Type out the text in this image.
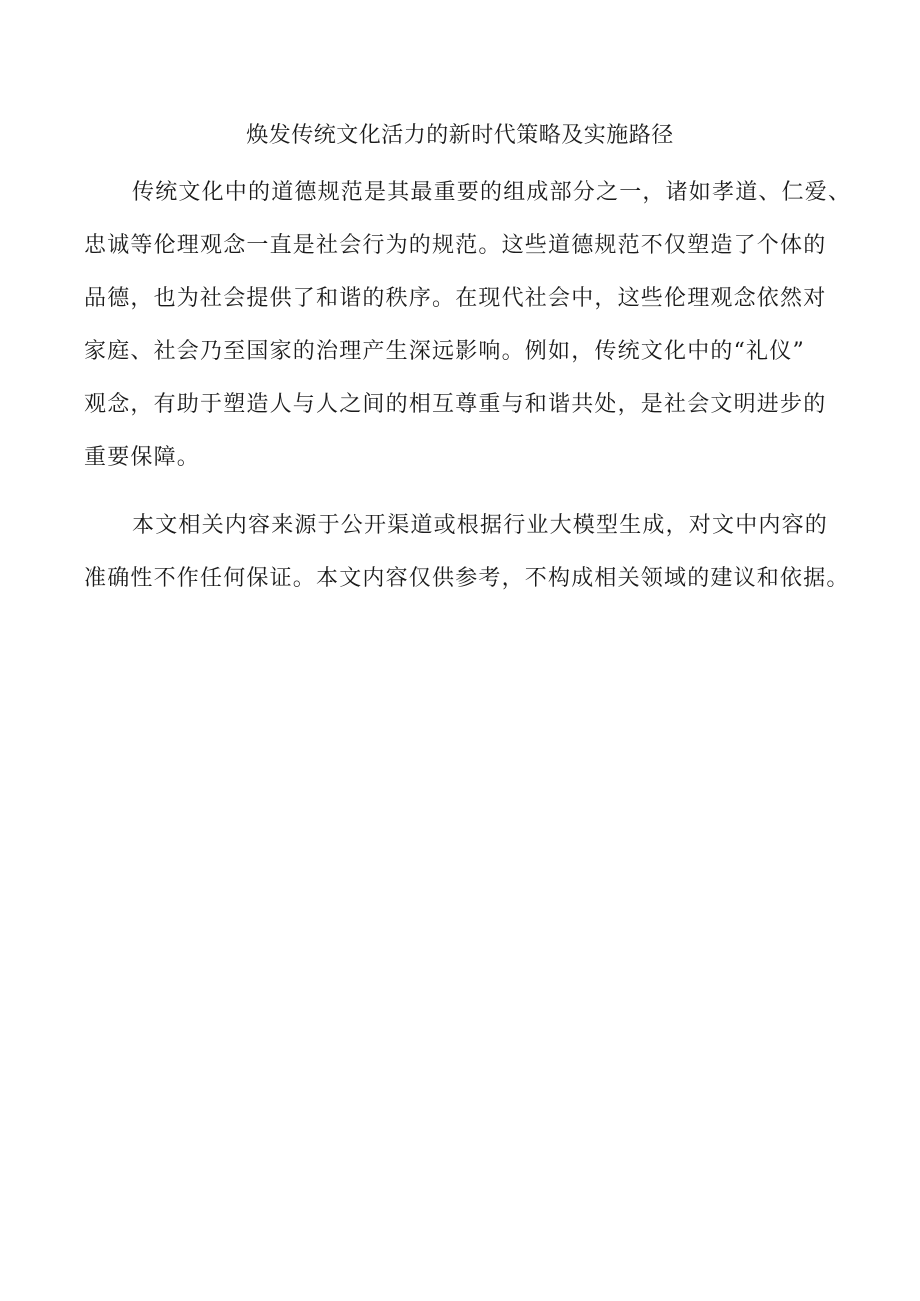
焕发传统文化活力的新时代策略及实施路径
传统文化中的道德规范是其最重要的组成部分之一，诸如孝道、仁爱、
忠诚等伦理观念一直是社会行为的规范。这些道德规范不仅塑造了个体的
品德，也为社会提供了和谐的秩序。在现代社会中，这些伦理观念依然对
家庭、社会乃至国家的治理产生深远影响。例如，传统文化中的“礼仪”
观念，有助于塑造人与人之间的相互尊重与和谐共处，是社会文明进步的
重要保障。
本文相关内容来源于公开渠道或根据行业大模型生成，对文中内容的
准确性不作任何保证。本文内容仅供参考，不构成相关领域的建议和依据。
